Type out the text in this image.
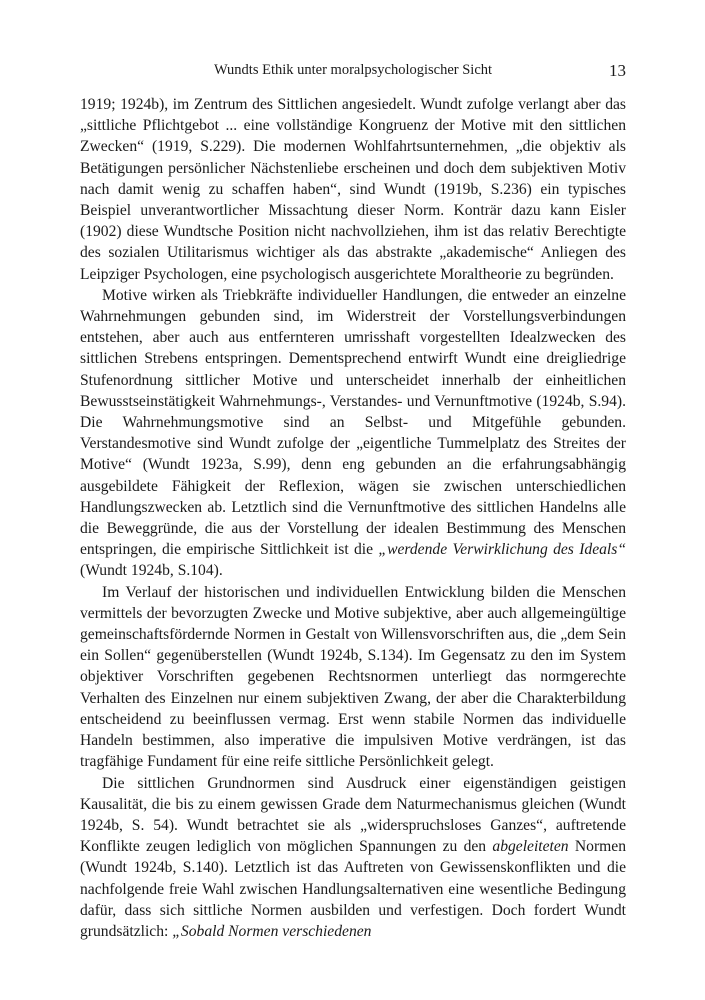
Wundts Ethik unter moralpsychologischer Sicht	13

1919; 1924b), im Zentrum des Sittlichen angesiedelt. Wundt zufolge verlangt aber das „sittliche Pflichtgebot ... eine vollständige Kongruenz der Motive mit den sittlichen Zwecken“ (1919, S.229). Die modernen Wohlfahrtsunternehmen, „die objektiv als Betätigungen persönlicher Nächstenliebe erscheinen und doch dem subjektiven Motiv nach damit wenig zu schaffen haben“, sind Wundt (1919b, S.236) ein typisches Beispiel unverantwortlicher Missachtung dieser Norm. Konträr dazu kann Eisler (1902) diese Wundtsche Position nicht nachvollziehen, ihm ist das relativ Berechtigte des sozialen Utilitarismus wichtiger als das abstrakte „akademische“ Anliegen des Leipziger Psychologen, eine psychologisch ausgerichtete Moraltheorie zu begründen.

Motive wirken als Triebkräfte individueller Handlungen, die entweder an einzelne Wahrnehmungen gebunden sind, im Widerstreit der Vorstellungsverbindungen entstehen, aber auch aus entfernteren umrisshaft vorgestellten Idealzwecken des sittlichen Strebens entspringen. Dementsprechend entwirft Wundt eine dreigliedrige Stufenordnung sittlicher Motive und unterscheidet innerhalb der einheitlichen Bewusstseinstätigkeit Wahrnehmungs-, Verstandes- und Vernunftmotive (1924b, S.94). Die Wahrnehmungsmotive sind an Selbst- und Mitgefühle gebunden. Verstandesmotive sind Wundt zufolge der „eigentliche Tummelplatz des Streites der Motive“ (Wundt 1923a, S.99), denn eng gebunden an die erfahrungsabhängig ausgebildete Fähigkeit der Reflexion, wägen sie zwischen unterschiedlichen Handlungszwecken ab. Letztlich sind die Vernunftmotive des sittlichen Handelns alle die Beweggründe, die aus der Vorstellung der idealen Bestimmung des Menschen entspringen, die empirische Sittlichkeit ist die „werdende Verwirklichung des Ideals“ (Wundt 1924b, S.104).

Im Verlauf der historischen und individuellen Entwicklung bilden die Menschen vermittels der bevorzugten Zwecke und Motive subjektive, aber auch allgemeingültige gemeinschaftsfördernde Normen in Gestalt von Willensvorschriften aus, die „dem Sein ein Sollen“ gegenüberstellen (Wundt 1924b, S.134). Im Gegensatz zu den im System objektiver Vorschriften gegebenen Rechtsnormen unterliegt das normgerechte Verhalten des Einzelnen nur einem subjektiven Zwang, der aber die Charakterbildung entscheidend zu beeinflussen vermag. Erst wenn stabile Normen das individuelle Handeln bestimmen, also imperative die impulsiven Motive verdrängen, ist das tragfähige Fundament für eine reife sittliche Persönlichkeit gelegt.

Die sittlichen Grundnormen sind Ausdruck einer eigenständigen geistigen Kausalität, die bis zu einem gewissen Grade dem Naturmechanismus gleichen (Wundt 1924b, S. 54). Wundt betrachtet sie als „widerspruchsloses Ganzes“, auftretende Konflikte zeugen lediglich von möglichen Spannungen zu den abgeleiteten Normen (Wundt 1924b, S.140). Letztlich ist das Auftreten von Gewissenskonflikten und die nachfolgende freie Wahl zwischen Handlungsalternativen eine wesentliche Bedingung dafür, dass sich sittliche Normen ausbilden und verfestigen. Doch fordert Wundt grundsätzlich: „Sobald Normen verschiedenen
